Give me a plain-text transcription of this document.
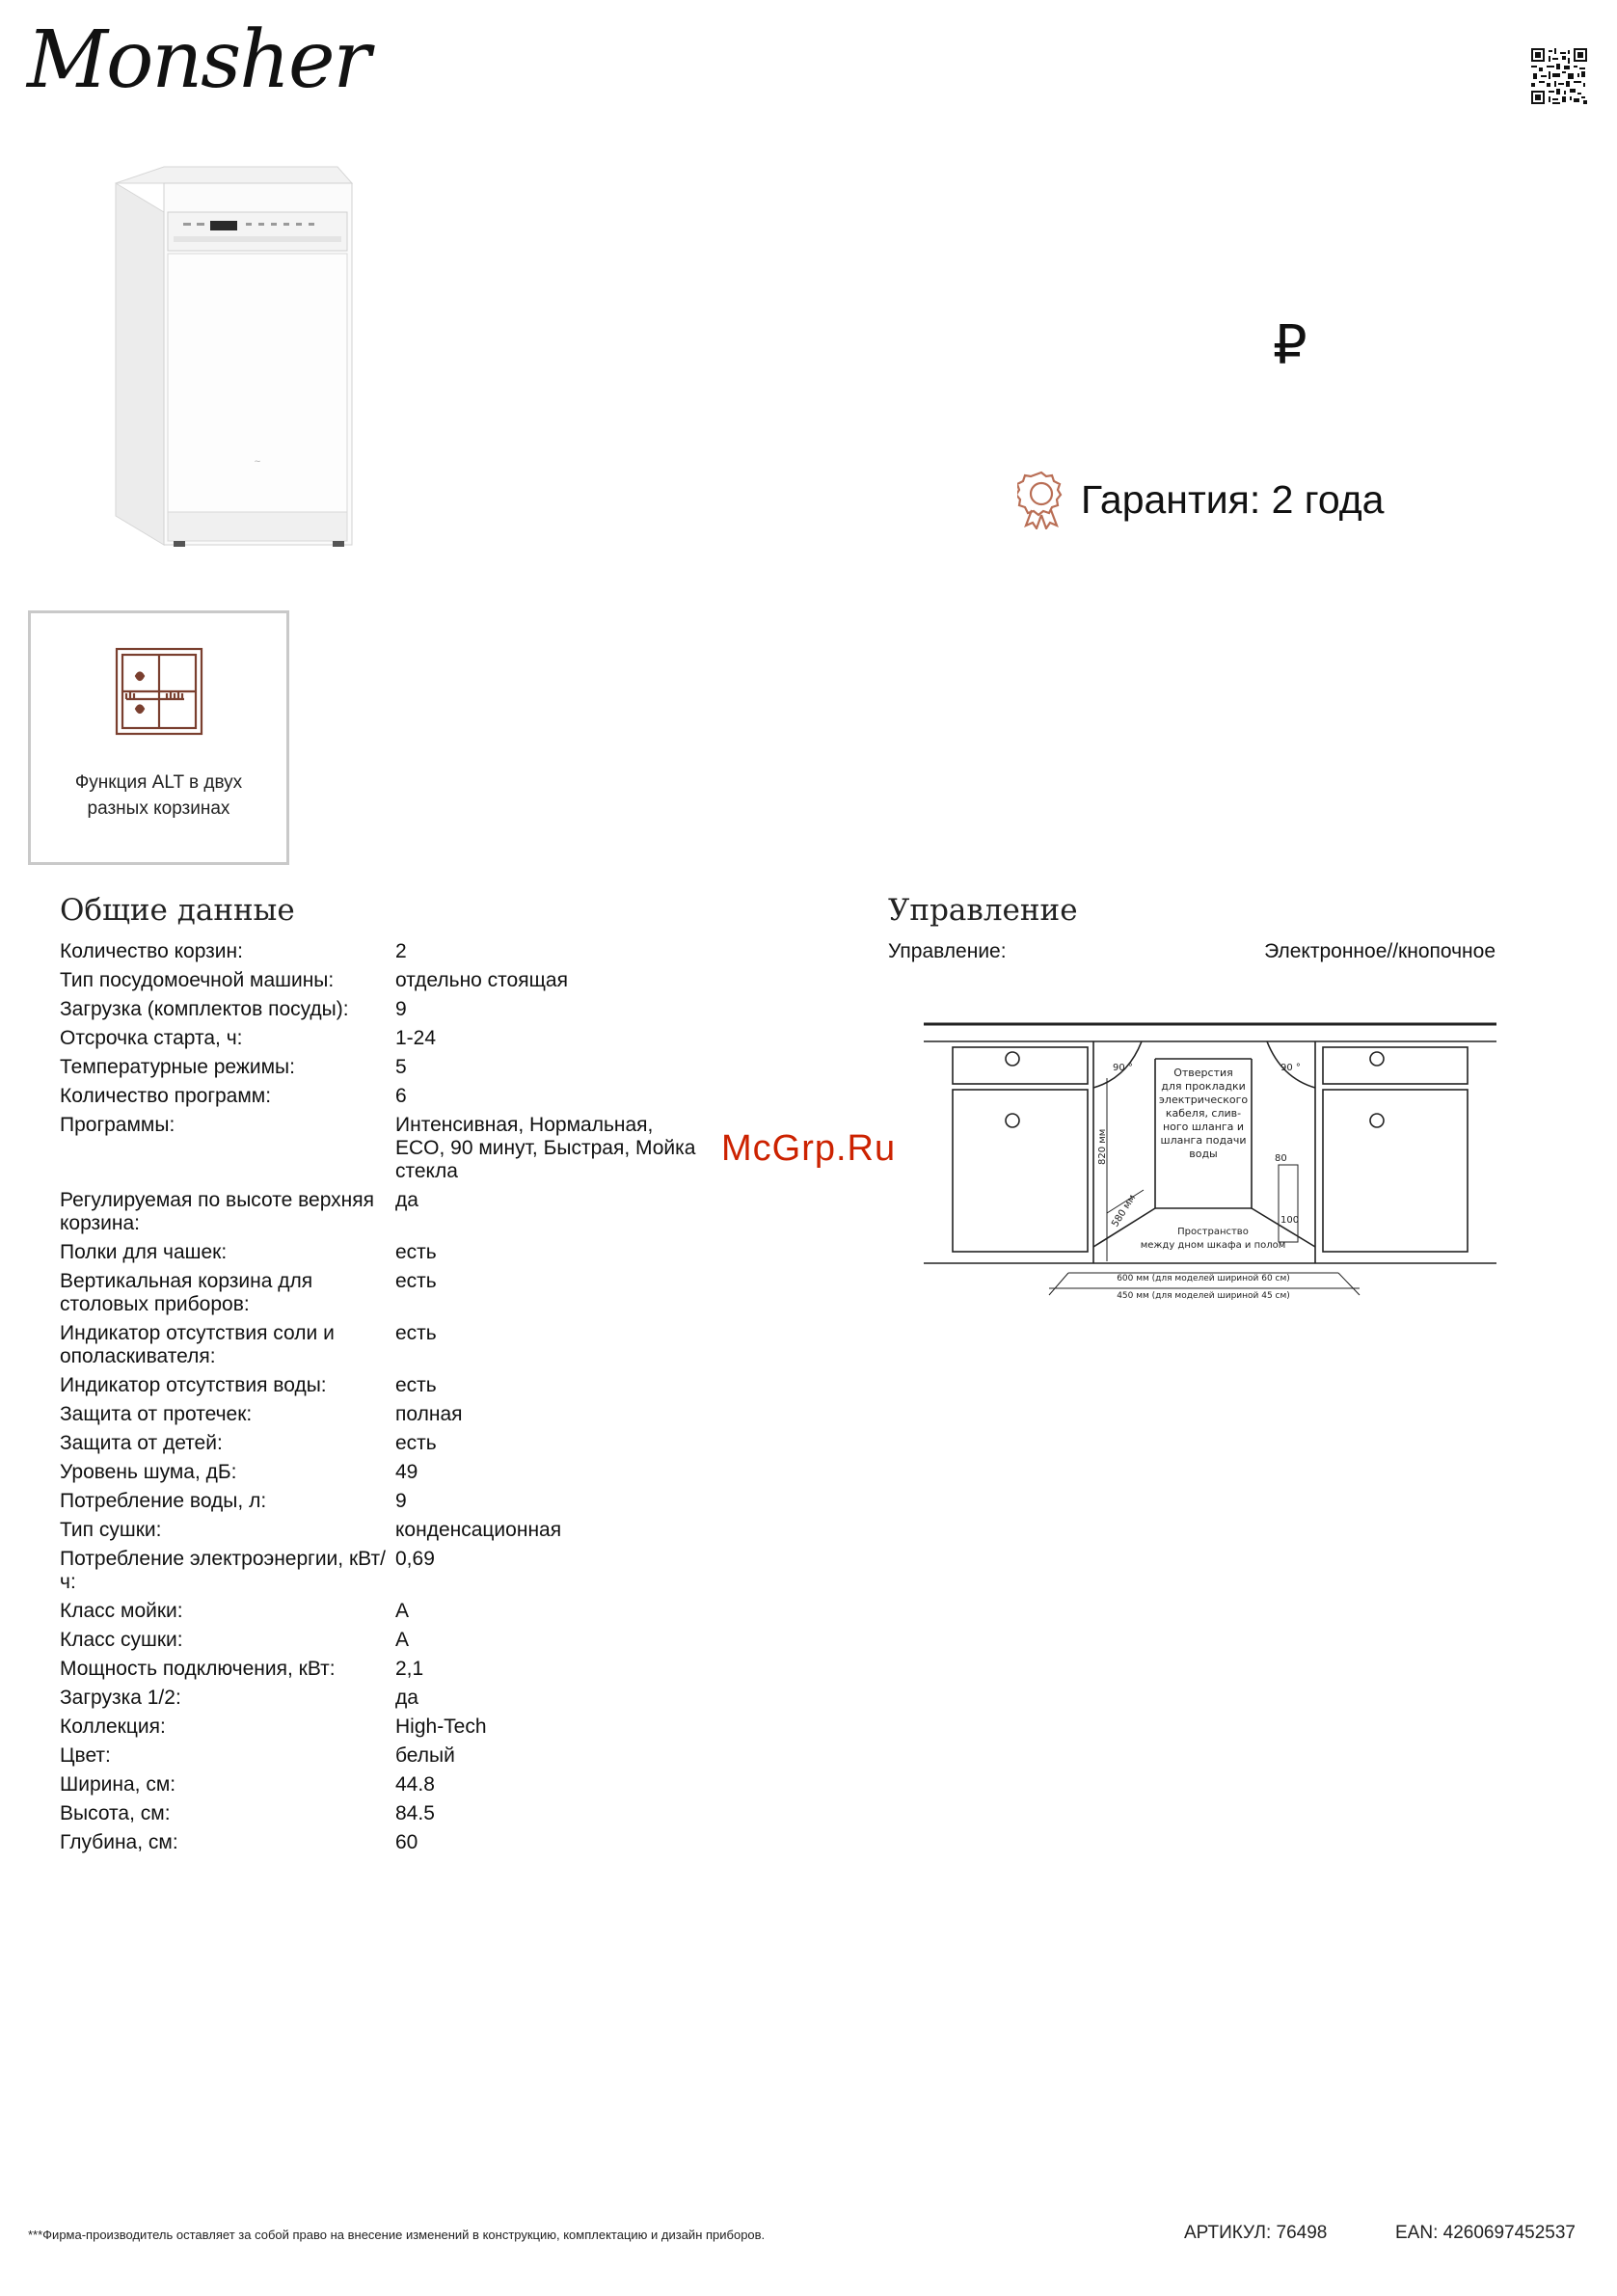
Monsher
~
₽
Гарантия: 2 года
Функция ALT в двух разных корзинах
Общие данные
Количество корзин:	2
Тип посудомоечной машины:	отдельно стоящая
Загрузка (комплектов посуды):	9
Отсрочка старта, ч:	1-24
Температурные режимы:	5
Количество программ:	6
Программы:	Интенсивная, Нормальная, ECO, 90 минут, Быстрая, Мойка стекла
Регулируемая по высоте верхняя корзина:
да
Полки для чашек:	есть
Вертикальная корзина для столовых приборов:
есть
Индикатор отсутствия соли и ополаскивателя:
есть
Индикатор отсутствия воды:	есть
Защита от протечек:	полная
Защита от детей:	есть
Уровень шума, дБ:	49
Потребление воды, л:	9
Тип сушки:	конденсационная
Потребление электроэнергии, кВт/ч:
0,69
Класс мойки:	A
Класс сушки:	A
Мощность подключения, кВт:	2,1
Загрузка 1/2:	да
Коллекция:	High-Tech
Цвет:	белый
Ширина, см:	44.8
Высота, см:	84.5
Глубина, см:	60
Управление
Управление:	Электронное//кнопочное
90 °	90 °
Отверстия
для прокладки
электрического
кабеля, слив-
ного шланга и
шланга подачи
воды
820 мм
580 мм
80
100
Пространство
между дном шкафа и полом
600 мм (для моделей шириной 60 см)
450 мм (для моделей шириной 45 см)
McGrp.Ru
***Фирма-производитель оставляет за собой право на внесение изменений в конструкцию, комплектацию и дизайн приборов.	АРТИКУЛ: 76498	EAN: 4260697452537
